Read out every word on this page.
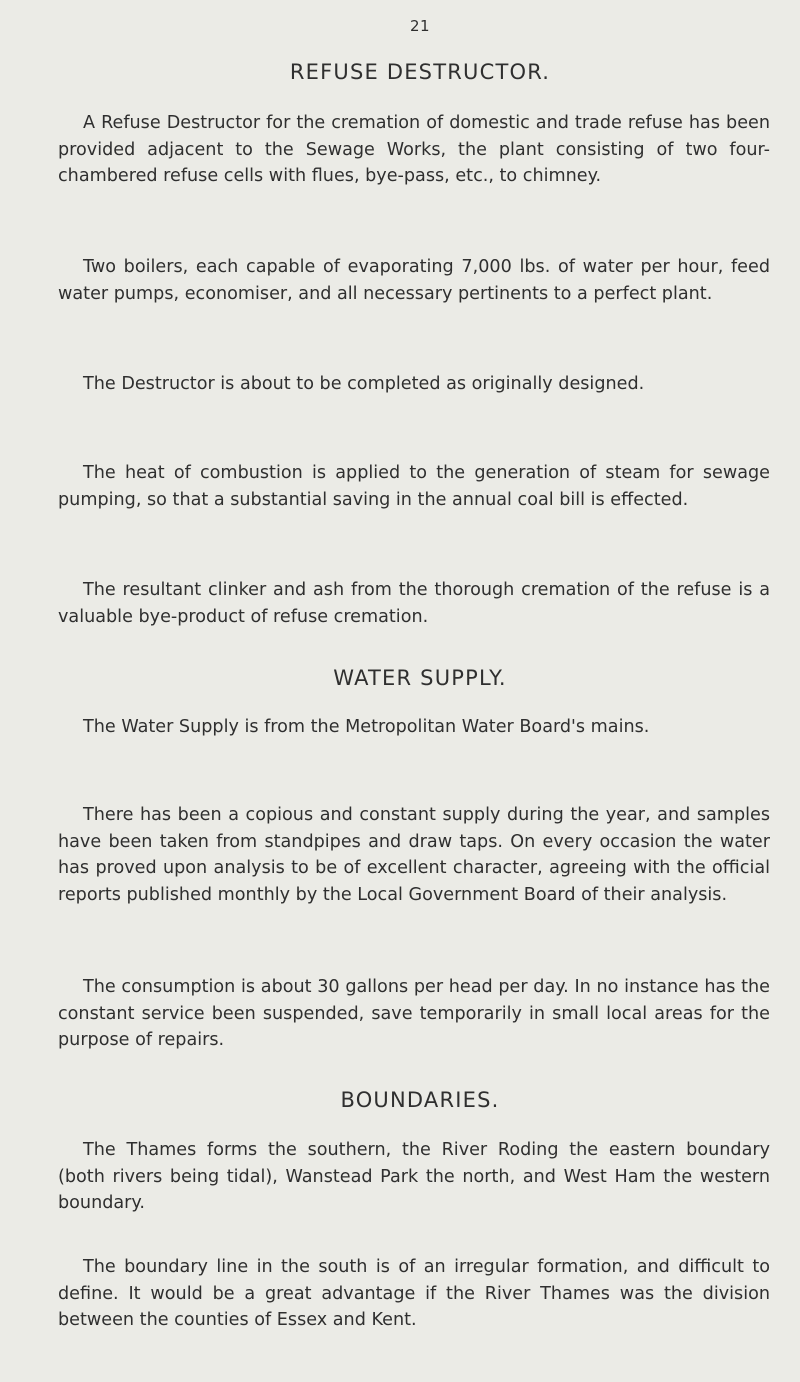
21
REFUSE DESTRUCTOR.

A Refuse Destructor for the cremation of domestic and trade refuse has been provided adjacent to the Sewage Works, the plant consisting of two four-chambered refuse cells with flues, bye-pass, etc., to chimney.

Two boilers, each capable of evaporating 7,000 lbs. of water per hour, feed water pumps, economiser, and all necessary pertinents to a perfect plant.

The Destructor is about to be completed as originally designed.

The heat of combustion is applied to the generation of steam for sewage pumping, so that a substantial saving in the annual coal bill is effected.

The resultant clinker and ash from the thorough cremation of the refuse is a valuable bye-product of refuse cremation.

WATER SUPPLY.

The Water Supply is from the Metropolitan Water Board's mains.

There has been a copious and constant supply during the year, and samples have been taken from standpipes and draw taps. On every occasion the water has proved upon analysis to be of excellent character, agreeing with the official reports published monthly by the Local Government Board of their analysis.

The consumption is about 30 gallons per head per day. In no instance has the constant service been suspended, save temporarily in small local areas for the purpose of repairs.

BOUNDARIES.

The Thames forms the southern, the River Roding the eastern boundary (both rivers being tidal), Wanstead Park the north, and West Ham the western boundary.

The boundary line in the south is of an irregular formation, and difficult to define. It would be a great advantage if the River Thames was the division between the counties of Essex and Kent.
